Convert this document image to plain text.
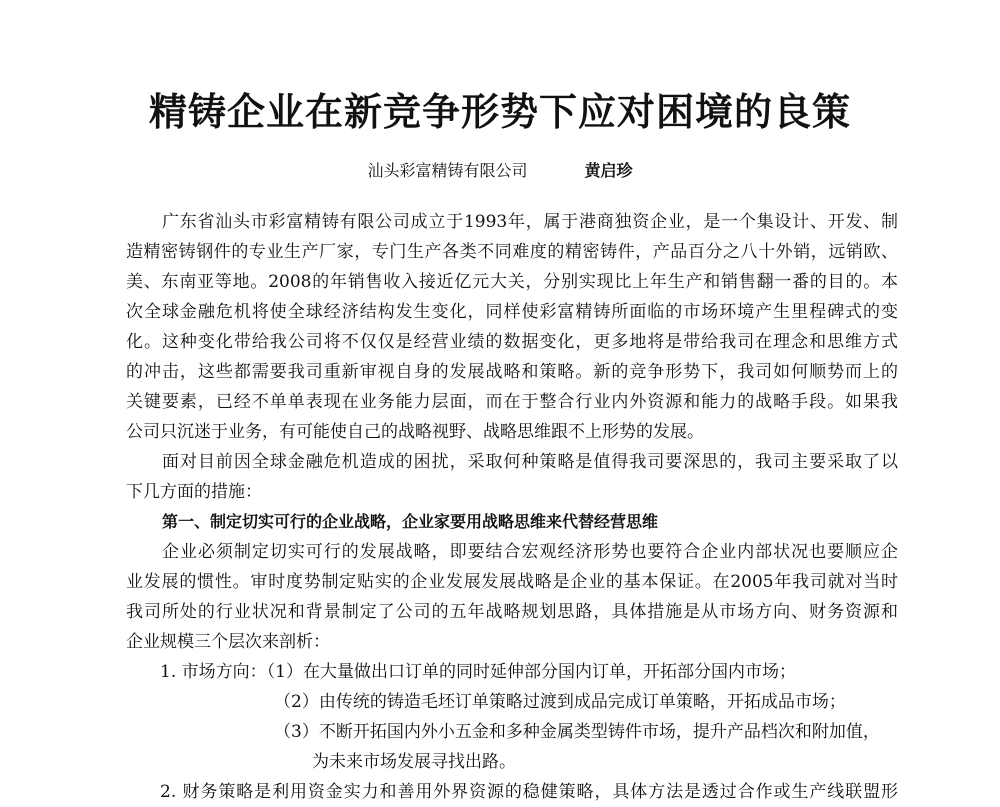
精铸企业在新竞争形势下应对困境的良策
汕头彩富精铸有限公司	黄启珍
广东省汕头市彩富精铸有限公司成立于1993年，属于港商独资企业，是一个集设计、开发、制
造精密铸钢件的专业生产厂家，专门生产各类不同难度的精密铸件，产品百分之八十外销，远销欧、
美、东南亚等地。2008的年销售收入接近亿元大关，分别实现比上年生产和销售翻一番的目的。本
次全球金融危机将使全球经济结构发生变化，同样使彩富精铸所面临的市场环境产生里程碑式的变
化。这种变化带给我公司将不仅仅是经营业绩的数据变化，更多地将是带给我司在理念和思维方式
的冲击，这些都需要我司重新审视自身的发展战略和策略。新的竞争形势下，我司如何顺势而上的
关键要素，已经不单单表现在业务能力层面，而在于整合行业内外资源和能力的战略手段。如果我
公司只沉迷于业务，有可能使自己的战略视野、战略思维跟不上形势的发展。
面对目前因全球金融危机造成的困扰，采取何种策略是值得我司要深思的，我司主要采取了以
下几方面的措施：
第一、制定切实可行的企业战略，企业家要用战略思维来代替经营思维
企业必须制定切实可行的发展战略，即要结合宏观经济形势也要符合企业内部状况也要顺应企
业发展的惯性。审时度势制定贴实的企业发展发展战略是企业的基本保证。在2005年我司就对当时
我司所处的行业状况和背景制定了公司的五年战略规划思路，具体措施是从市场方向、财务资源和
企业规模三个层次来剖析：
1. 市场方向：（1）在大量做出口订单的同时延伸部分国内订单，开拓部分国内市场；
（2）由传统的铸造毛坯订单策略过渡到成品完成订单策略，开拓成品市场；
（3）不断开拓国内外小五金和多种金属类型铸件市场，提升产品档次和附加值，
为未来市场发展寻找出路。
2. 财务策略是利用资金实力和善用外界资源的稳健策略，具体方法是透过合作或生产线联盟形
